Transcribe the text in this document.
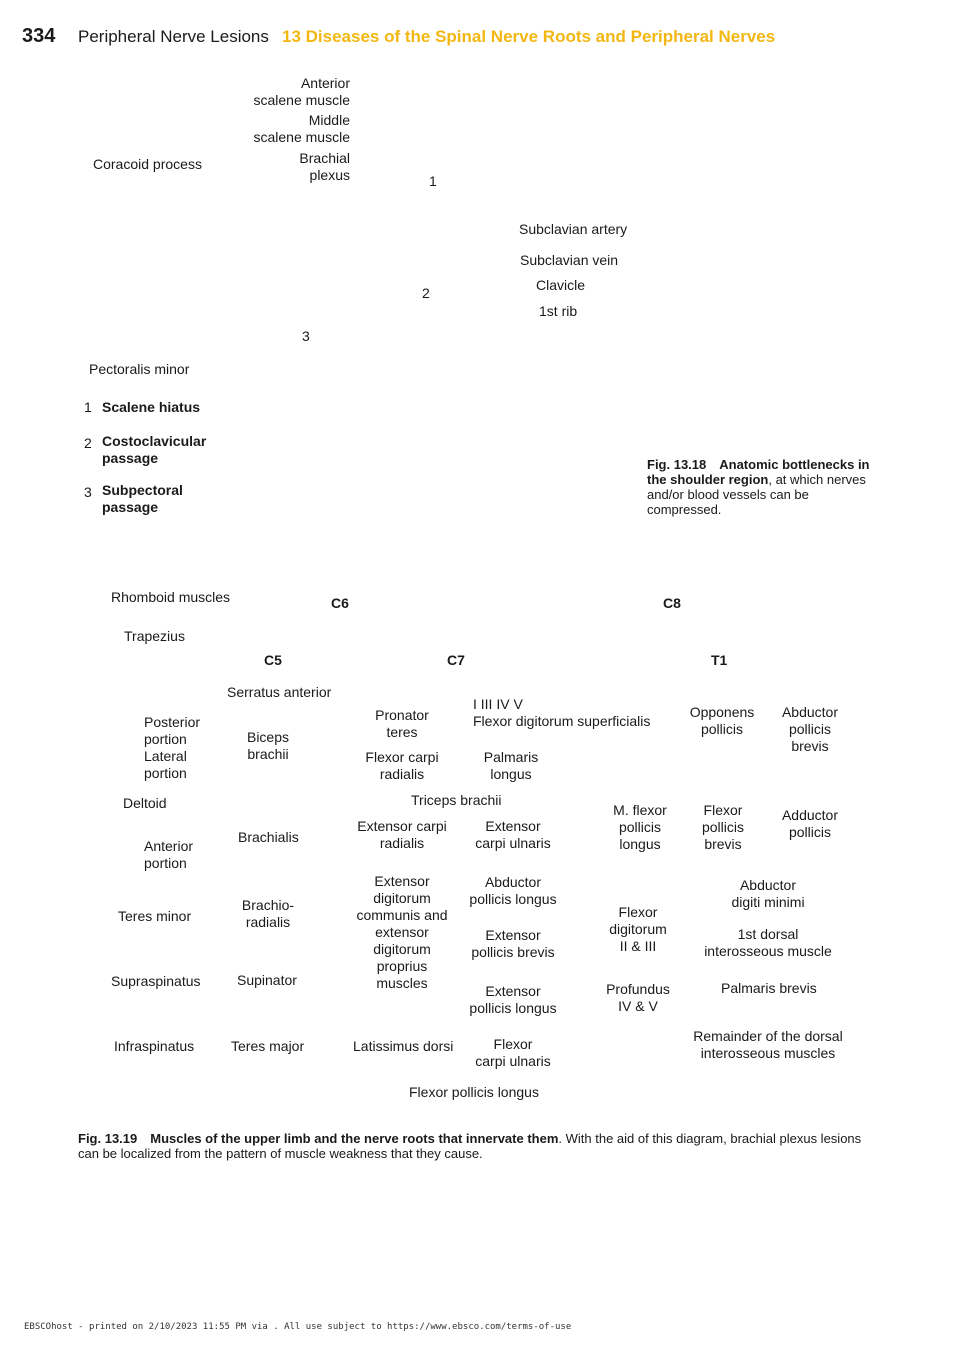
334 Peripheral Nerve Lesions 13 Diseases of the Spinal Nerve Roots and Peripheral Nerves
Anterior
scalene muscle
Middle
scalene muscle
Brachial
plexus
Coracoid process
1
Subclavian artery
Subclavian vein
Clavicle
2
1st rib
3
Pectoralis minor
1 Scalene hiatus
2 Costoclavicular
passage
3 Subpectoral
passage
Fig. 13.18 Anatomic bottlenecks in the shoulder region, at which nerves and/or blood vessels can be compressed.
C6	C8
C5	C7	T1
Rhomboid muscles
Trapezius
Serratus anterior
Posterior
portion
Lateral
portion
Deltoid
Anterior
portion
Teres minor
Supraspinatus
Infraspinatus
Biceps
brachii
Brachialis
Brachio-
radialis
Supinator
Teres major
Pronator
teres
I III IV V
Flexor digitorum superficialis
Flexor carpi
radialis
Palmaris
longus
Triceps brachii
Extensor carpi
radialis
Extensor
carpi ulnaris
Extensor
digitorum
communis and
extensor
digitorum
proprius
muscles
Abductor
pollicis longus
Extensor
pollicis brevis
Extensor
pollicis longus
Latissimus dorsi	Flexor
carpi ulnaris
Flexor pollicis longus
M. flexor
pollicis
longus
Flexor
digitorum
II & III
Profundus
IV & V
Opponens
pollicis
Abductor
pollicis
brevis
Flexor
pollicis
brevis
Adductor
pollicis
Abductor
digiti minimi
1st dorsal
interosseous muscle
Palmaris brevis
Remainder of the dorsal
interosseous muscles
Fig. 13.19 Muscles of the upper limb and the nerve roots that innervate them. With the aid of this diagram, brachial plexus lesions can be localized from the pattern of muscle weakness that they cause.
EBSCOhost - printed on 2/10/2023 11:55 PM via . All use subject to https://www.ebsco.com/terms-of-use
